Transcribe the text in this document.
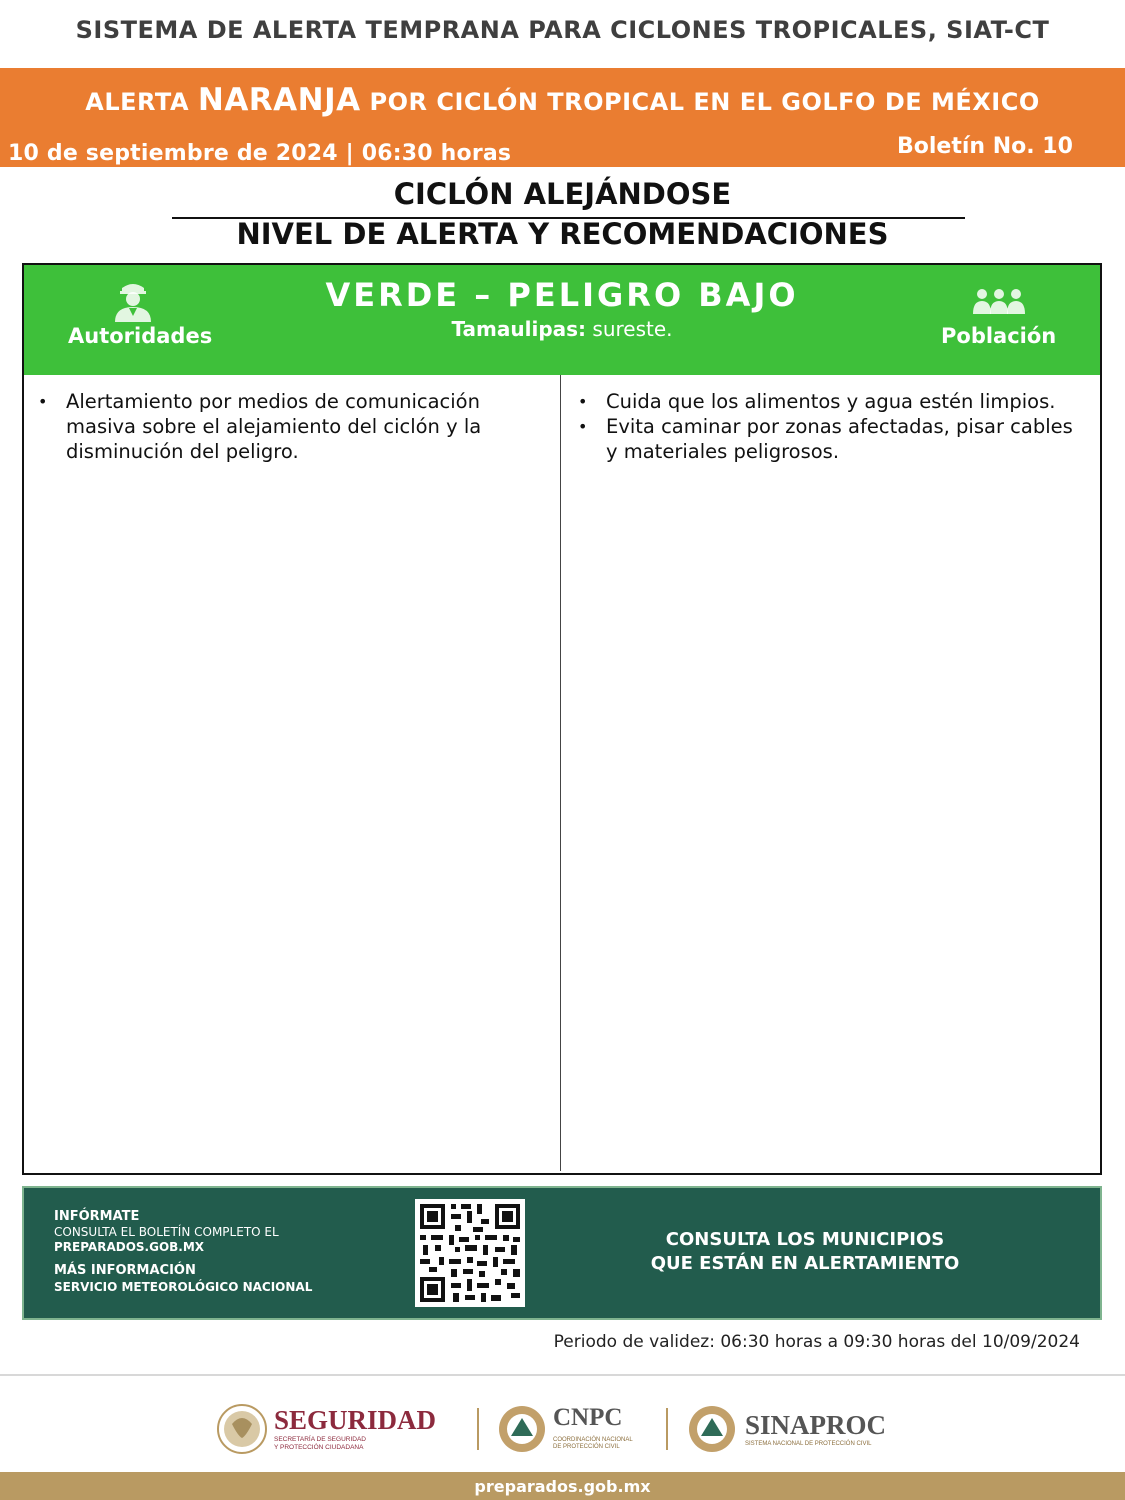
SISTEMA DE ALERTA TEMPRANA PARA CICLONES TROPICALES, SIAT-CT
ALERTA NARANJA POR CICLÓN TROPICAL EN EL GOLFO DE MÉXICO
10 de septiembre de 2024 | 06:30 horas	Boletín No. 10
CICLÓN ALEJÁNDOSE
NIVEL DE ALERTA Y RECOMENDACIONES
Autoridades
VERDE – PELIGRO BAJO
Tamaulipas: sureste.	Población
• Alertamiento por medios de comunicación masiva sobre el alejamiento del ciclón y la disminución del peligro.
• Cuida que los alimentos y agua estén limpios.
• Evita caminar por zonas afectadas, pisar cables y materiales peligrosos.
INFÓRMATE
CONSULTA EL BOLETÍN COMPLETO EL
PREPARADOS.GOB.MX
MÁS INFORMACIÓN
SERVICIO METEOROLÓGICO NACIONAL
CONSULTA LOS MUNICIPIOS
QUE ESTÁN EN ALERTAMIENTO
Periodo de validez: 06:30 horas a 09:30 horas del 10/09/2024
SEGURIDAD
SECRETARÍA DE SEGURIDAD
Y PROTECCIÓN CIUDADANA
CNPC
COORDINACIÓN NACIONAL
DE PROTECCIÓN CIVIL
SINAPROC
SISTEMA NACIONAL DE PROTECCIÓN CIVIL
preparados.gob.mx
